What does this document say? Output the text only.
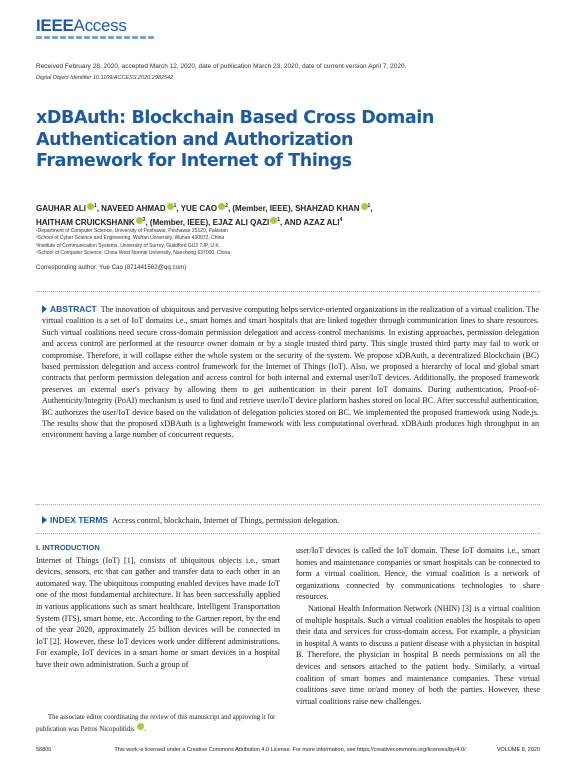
IEEEAccess
Received February 28, 2020, accepted March 12, 2020, date of publication March 23, 2020, date of current version April 7, 2020.
Digital Object Identifier 10.1109/ACCESS.2020.2982542
xDBAuth: Blockchain Based Cross Domain Authentication and Authorization Framework for Internet of Things
GAUHAR ALI $^1$, NAVEED AHMAD $^1$, YUE CAO $^2$, (Member, IEEE), SHAHZAD KHAN $^1$,
HAITHAM CRUICKSHANK $^3$, (Member, IEEE), EJAZ ALI QAZI $^1$, AND AZAZ ALI$^4$
¹Department of Computer Science, University of Peshawar, Peshawar 25120, Pakistan
²School of Cyber Science and Engineering, Wuhan University, Wuhan 430072, China
³Institute of Communication Systems, University of Surrey, Guildford GU2 7JP, U.K.
⁴School of Computer Science, China West Normal University, Nanchong 637000, China
Corresponding author: Yue Cao (871441562@qq.com)
ABSTRACT The innovation of ubiquitous and pervasive computing helps service-oriented organizations in the realization of a virtual coalition. The virtual coalition is a set of IoT domains i.e., smart homes and smart hospitals that are linked together through communication lines to share resources. Such virtual coalitions need secure cross-domain permission delegation and access control mechanisms. In existing approaches, permission delegation and access control are performed at the resource owner domain or by a single trusted third party. This single trusted third party may fail to work or compromise. Therefore, it will collapse either the whole system or the security of the system. We propose xDBAuth, a decentralized Blockchain (BC) based permission delegation and access control framework for the Internet of Things (IoT). Also, we proposed a hierarchy of local and global smart contracts that perform permission delegation and access control for both internal and external user/IoT devices. Additionally, the proposed framework preserves an external user's privacy by allowing them to get authentication in their parent IoT domains. During authentication, Proof-of-Authenticity/Integrity (PoAI) mechanism is used to find and retrieve user/IoT device platform hashes stored on local BC. After successful authentication, BC authorizes the user/IoT device based on the validation of delegation policies stored on BC. We implemented the proposed framework using Node.js. The results show that the proposed xDBAuth is a lightweight framework with less computational overhead. xDBAuth produces high throughput in an environment having a large number of concurrent requests.
INDEX TERMS Access control, blockchain, Internet of Things, permission delegation.
I. INTRODUCTION

Internet of Things (IoT) [1], consists of ubiquitous objects i.e., smart devices, sensors, etc that can gather and transfer data to each other in an automated way. The ubiquitous computing enabled devices have made IoT one of the most fundamental architecture. It has been successfully applied in various applications such as smart healthcare, Intelligent Transportation System (ITS), smart home, etc. According to the Gartner report, by the end of the year 2020, approximately 25 billion devices will be connected in IoT [2]. However, these IoT devices work under different administrations. For example, IoT devices in a smart home or smart devices in a hospital have their own administration. Such a group of

user/IoT devices is called the IoT domain. These IoT domains i.e., smart homes and maintenance companies or smart hospitals can be connected to form a virtual coalition. Hence, the virtual coalition is a network of organizations connected by communications technologies to share resources.

National Health Information Network (NHIN) [3] is a virtual coalition of multiple hospitals. Such a virtual coalition enables the hospitals to open their data and services for cross-domain access. For example, a physician in hospital A wants to discuss a patient disease with a physician in hospital B. Therefore, the physician in hospital B needs permissions on all the devices and sensors attached to the patient body. Similarly, a virtual coalition of smart homes and maintenance companies. These virtual coalitions save time or/and money of both the parties. However, these virtual coalitions raise new challenges.

The associate editor coordinating the review of this manuscript and approving it for publication was Petros Nicopolitidis .

58800	This work is licensed under a Creative Commons Attribution 4.0 License. For more information, see https://creativecommons.org/licenses/by/4.0/	VOLUME 8, 2020
